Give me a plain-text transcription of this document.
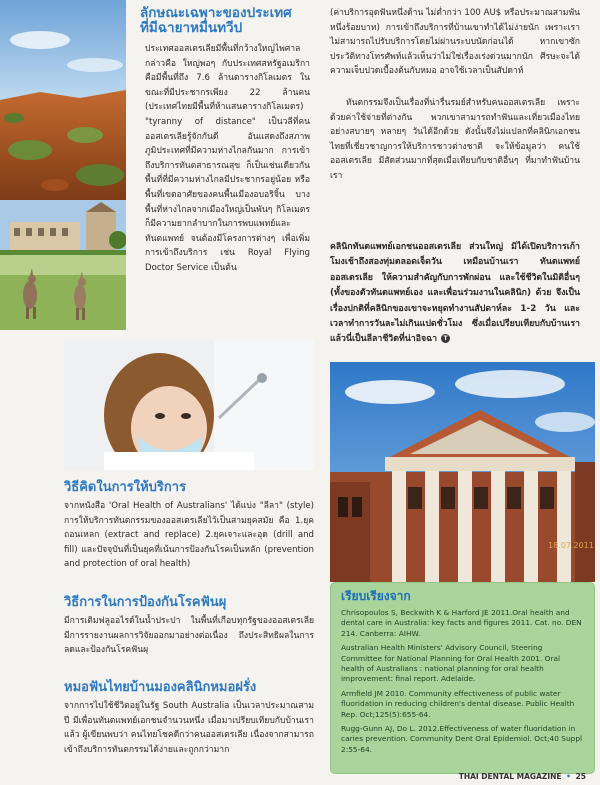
ลักษณะเฉพาะของประเทศ
ที่มีฉายาหมื่นทวีป
ประเทศออสเตรเลียมีพื้นที่กว้างใหญ่ไพศาล กล่าวคือ ใหญ่พอๆ กับประเทศสหรัฐอเมริกา คือมีพื้นที่ถึง 7.6 ล้านตารางกิโลเมตร ในขณะที่มีประชากรเพียง 22 ล้านคน (ประเทศไทยมีพื้นที่ห้าแสนตารางกิโลเมตร) "tyranny of distance" เป็นวลีที่คนออสเตรเลียรู้จักกันดี อันแสดงถึงสภาพภูมิประเทศที่มีความห่างไกลกันมาก การเข้าถึงบริการทันตสาธารณสุข ก็เป็นเช่นเดียวกัน พื้นที่ที่มีความห่างไกลมีประชากรอยู่น้อย หรือพื้นที่เขตอาศัยของคนพื้นเมืองอบอริจิ้น บางพื้นที่ห่างไกลจากเมืองใหญ่เป็นพันๆ กิโลเมตร ก็มีความยากลำบากในการพบแพทย์และทันตแพทย์ จนต้องมีโครงการต่างๆ เพื่อเพิ่มการเข้าถึงบริการ เช่น Royal Flying Doctor Service เป็นต้น
วิธีคิดในการให้บริการ
จากหนังสือ 'Oral Health of Australians' ได้แบ่ง "ลีลา" (style) การให้บริการทันตกรรมของออสเตรเลียไว้เป็นสามยุคสมัย คือ 1.ยุคถอนเหลก (extract and replace) 2.ยุคเจาะและอุด (drill and fill) และปัจจุบันที่เป็นยุคที่เน้นการป้องกันโรคเป็นหลัก (prevention and protection of oral health)
วิธีการในการป้องกันโรคฟันผุ
มีการเติมฟลูออไรด์ในน้ำประปา ในพื้นที่เกือบทุกรัฐของออสเตรเลีย มีการรายงานผลการวิจัยออกมาอย่างต่อเนื่อง ถึงประสิทธิผลในการลดและป้องกันโรคฟันผุ
หมอฟันไทยบ้านมองคลินิกหมอฝรั่ง
จากการไปใช้ชีวิตอยู่ในรัฐ South Australia เป็นเวลาประมาณสามปี มีเพื่อนทันตแพทย์เอกชนจำนวนหนึ่ง เมื่อมาเปรียบเทียบกับบ้านเราแล้ว ผู้เขียนพบว่า คนไทยโชคดีกว่าคนออสเตรเลีย เนื่องจากสามารถเข้าถึงบริการทันตกรรมได้ง่ายและถูกกว่ามาก
(ค่าบริการอุดฟันหนึ่งด้าน ไม่ต่ำกว่า 100 AU$ หรือประมาณสามพันหนึ่งร้อยบาท) การเข้าถึงบริการที่บ้านเขาทำได้ไม่ง่ายนัก เพราะเราไม่สามารถไปรับบริการโดยไม่ผ่านระบบนัดก่อนได้ หากเขาซักประวัติทางโทรศัพท์แล้วเห็นว่าไม่ใช่เรื่องเร่งด่วนมากนัก ศีรษะจะได้ความเจ็บปวดเบื้องต้นกับหมอ อาจใช้เวลาเป็นสัปดาห์
ทันตกรรมจึงเป็นเรื่องที่น่ารื่นรมย์สำหรับคนออสเตรเลีย เพราะด้วยค่าใช้จ่ายที่ต่างกัน พวกเขาสามารถทำฟันและเที่ยวเมืองไทยอย่างสบายๆ หลายๆ วันได้อีกด้วย ดังนั้นจึงไม่แปลกที่คลินิกเอกชนไทยที่เชี่ยวชาญการให้บริการชาวต่างชาติ จะให้ข้อมูลว่า คนใช้ออสเตรเลีย มีสัดส่วนมากที่สุดเมื่อเทียบกับชาติอื่นๆ ที่มาทำฟันบ้านเรา
คลินิกทันตแพทย์เอกชนออสเตรเลีย ส่วนใหญ่ มิได้เปิดบริการเก้าโมงเช้าถึงสองทุ่มตลอดเจ็ดวัน เหมือนบ้านเรา ทันตแพทย์ออสเตรเลีย ให้ความสำคัญกับการพักผ่อน และใช้ชีวิตในมิติอื่นๆ (ทั้งของตัวทันตแพทย์เอง และเพื่อนร่วมงานในคลินิก) ด้วย จึงเป็นเรื่องปกติที่คลินิกของเขาจะหยุดทำงานสัปดาห์ละ 1-2 วัน และเวลาทำการวันละไม่เกินแปดชั่วโมง ซึ่งเมื่อเปรียบเทียบกับบ้านเราแล้วนี่เป็นลีลาชีวิตที่น่าอิจฉา T
18.07.2011
เรียบเรียงจาก
Chrisopoulos S, Beckwith K & Harford JE 2011.Oral health and dental care in Australia: key facts and figures 2011. Cat. no. DEN 214. Canberra: AIHW.
Australian Health Ministers' Advisory Council, Steering Committee for National Planning for Oral Health 2001. Oral health of Australians : national planning for oral health improvement: final report. Adelaide.
Armfield JM 2010. Community effectiveness of public water fluoridation in reducing children's dental disease. Public Health Rep. Oct;125(5):655-64.
Rugg-Gunn AJ, Do L. 2012.Effectiveness of water fluoridation in caries prevention. Community Dent Oral Epidemiol. Oct;40 Suppl 2:55-64.
THAI DENTAL MAGAZINE • 25
